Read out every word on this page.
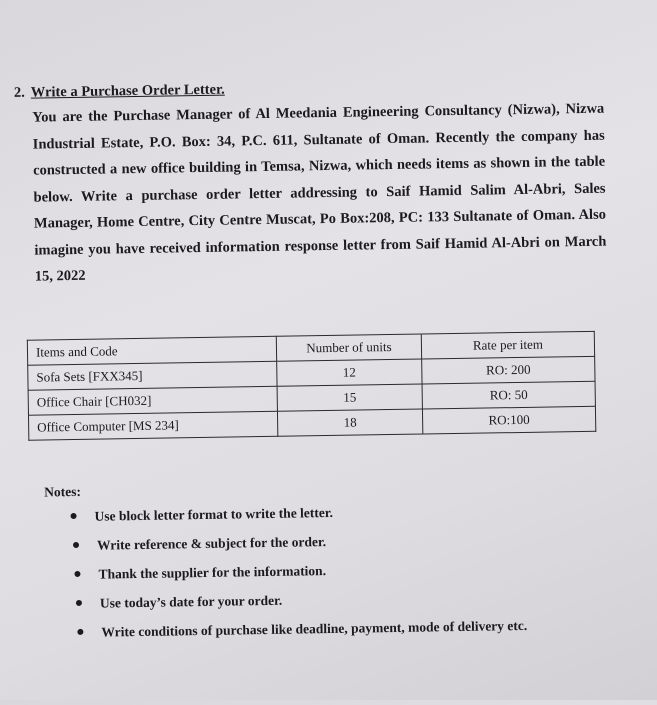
2. Write a Purchase Order Letter.
You are the Purchase Manager of Al Meedania Engineering Consultancy (Nizwa), Nizwa Industrial Estate, P.O. Box: 34, P.C. 611, Sultanate of Oman. Recently the company has constructed a new office building in Temsa, Nizwa, which needs items as shown in the table below. Write a purchase order letter addressing to Saif Hamid Salim Al-Abri, Sales Manager, Home Centre, City Centre Muscat, Po Box:208, PC: 133 Sultanate of Oman. Also imagine you have received information response letter from Saif Hamid Al-Abri on March 15, 2022
Items and Code	Number of units	Rate per item
Sofa Sets [FXX345]	12	RO: 200
Office Chair [CH032]	15	RO: 50
Office Computer [MS 234]	18	RO:100
Notes:
Use block letter format to write the letter.
Write reference & subject for the order.
Thank the supplier for the information.
Use today’s date for your order.
Write conditions of purchase like deadline, payment, mode of delivery etc.
